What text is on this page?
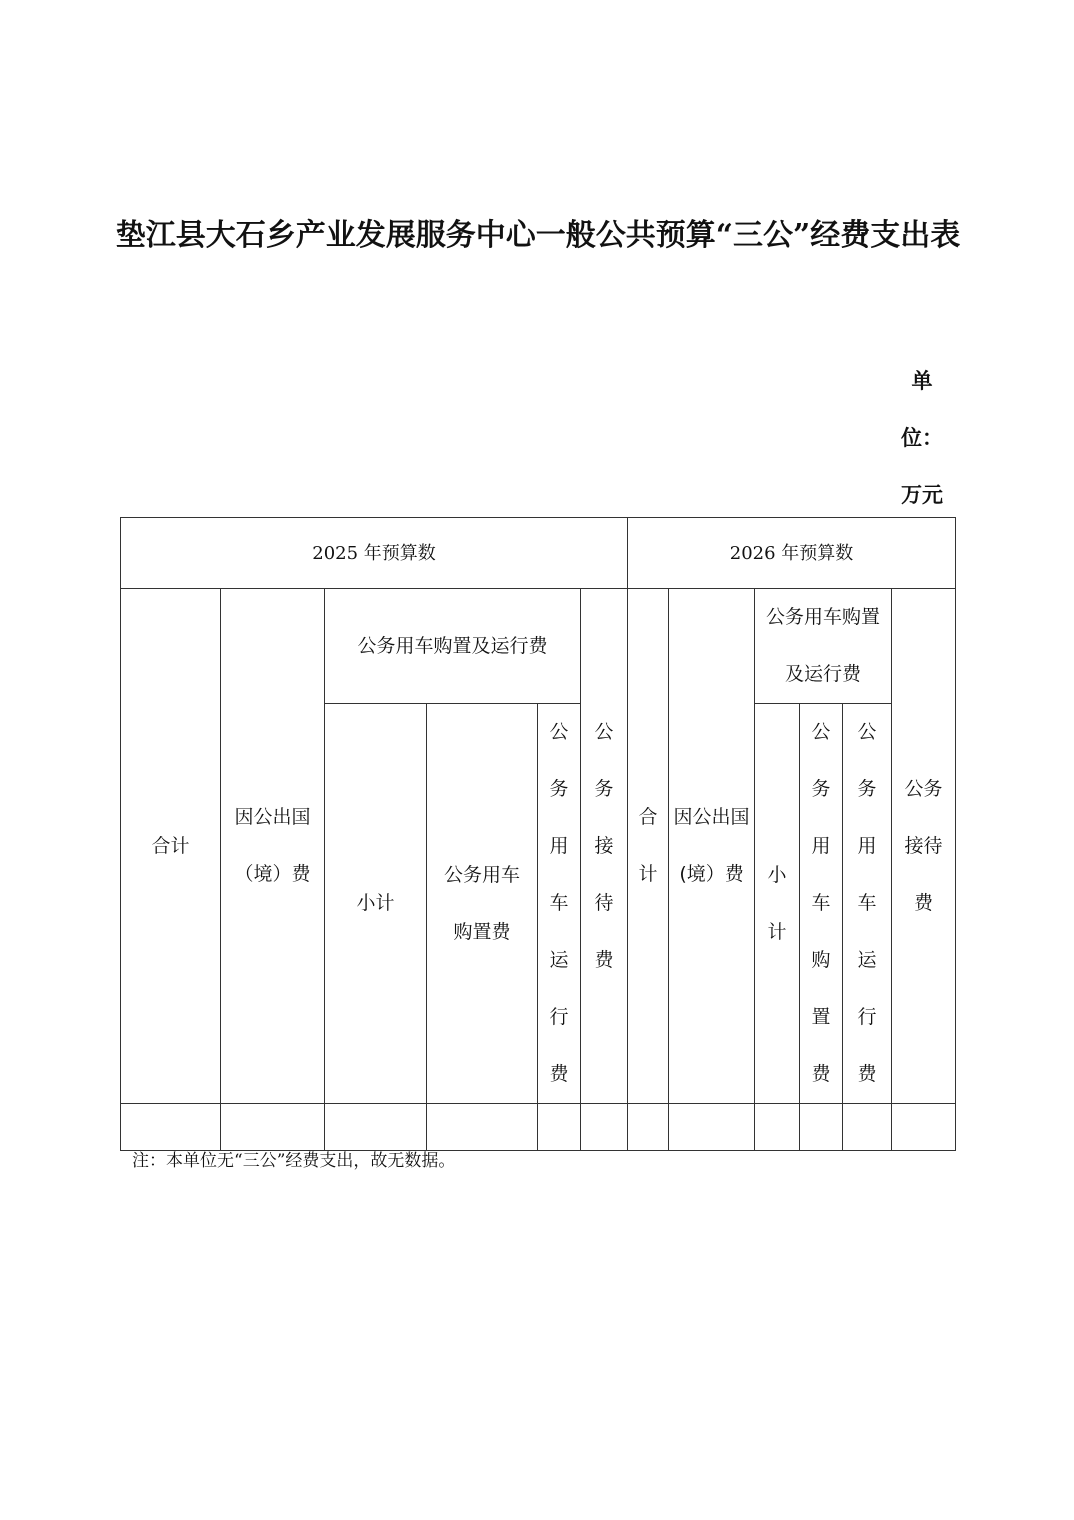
垫江县大石乡产业发展服务中心一般公共预算“三公”经费支出表
单
位：
万元
2025 年预算数						2026 年预算数					
合计	因公出国（境）费	公务用车购置及运行费			公务接待费	合计	因公出国(境）费	公务用车购置及运行费			公务接待费

		小计	公务用车购置费	公务用车运行费				小计	公务用车购置费	公务用车运行费	

注：本单位无“三公”经费支出，故无数据。
